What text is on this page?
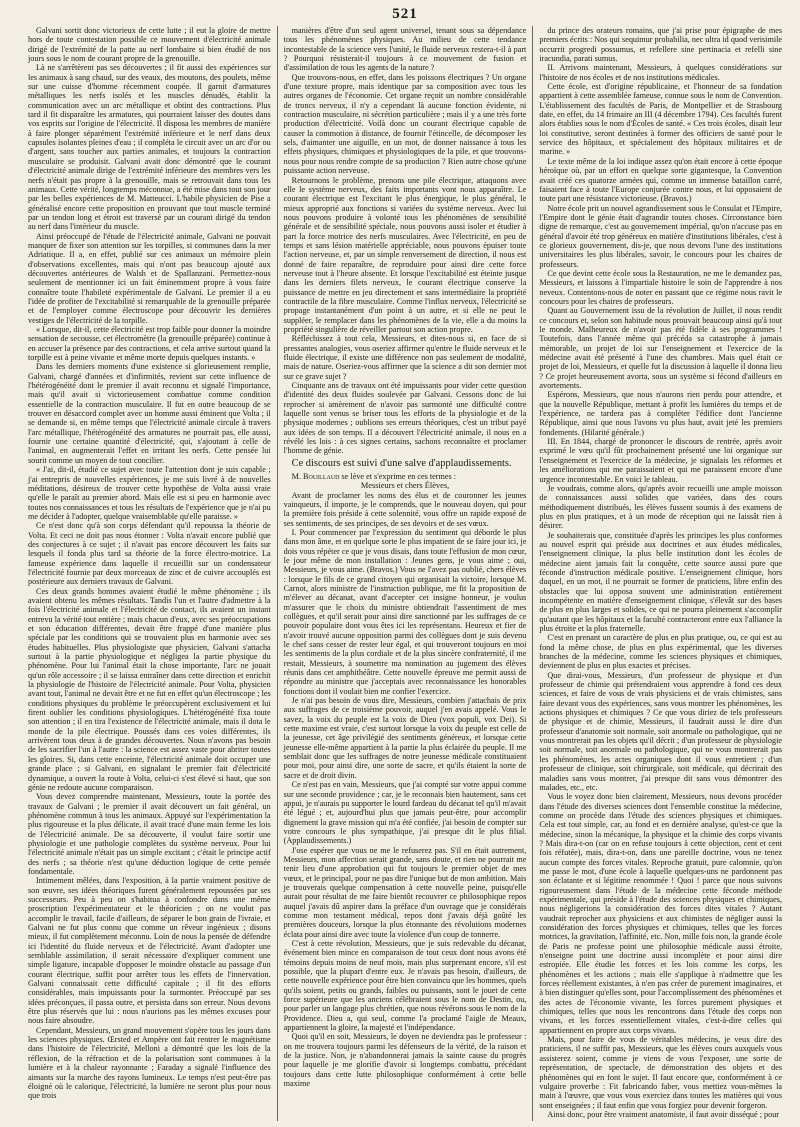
521

Galvani sortit donc victorieux de cette lutte ; il eut la gloire de mettre hors de toute contestation possible ce mouvement d'électricité animale dirigé de l'extrémité de la patte au nerf lombaire si bien étudié de nos jours sous le nom de courant propre de la grenouille.

Là ne s'arrêtèrent pas ses découvertes ; il fit aussi des expériences sur les animaux à sang chaud, sur des veaux, des moutons, des poulets, même sur une cuisse d'homme récemment coupée. Il garnit d'armatures métalliques les nerfs isolés et les muscles dénudés, établit la communication avec un arc métallique et obtint des contractions. Plus tard il fit disparaître les armatures, qui pourraient laisser des doutes dans vos esprits sur l'origine de l'électricité. Il disposa les membres de manière à faire plonger séparément l'extrémité inférieure et le nerf dans deux capsules isolantes pleines d'eau ; il compléta le circuit avec un arc d'or ou d'argent, sans toucher aux parties animales, et toujours la contraction musculaire se produisit. Galvani avait donc démontré que le courant d'électricité animale dirige de l'extrémité inférieure des membres vers les nerfs n'était pas propre à la grenouille, mais se retrouvait dans tous les animaux. Cette vérité, longtemps méconnue, a été mise dans tout son jour par les belles expériences de M. Matteucci. L'habile physicien de Pise a généralisé encore cette proposition en prouvant que tout muscle terminé par un tendon long et étroit est traversé par un courant dirigé du tendon au nerf dans l'intérieur du muscle.

Ainsi préoccupé de l'étude de l'électricité animale, Galvani ne pouvait manquer de fixer son attention sur les torpilles, si communes dans la mer Adriatique. Il a, en effet, publié sur ces animaux un mémoire plein d'observations excellentes, mais qui n'ont pas beaucoup ajouté aux découvertes antérieures de Walsh et de Spallanzani. Permettez-nous seulement de mentionner ici un fait éminemment propre à vous faire connaître toute l'habileté expérimentale de Galvani. Le premier il a eu l'idée de profiter de l'excitabilité si remarquable de la grenouille préparée et de l'employer comme électroscope pour découvrir les dernières vestiges de l'électricité de la torpille.

« Lorsque, dit-il, cette électricité est trop faible pour donner la moindre sensation de secousse, cet électromètre (la grenouille préparée) continue à en accuser la présence par des contractions, et cela arrive surtout quand la torpille est à peine vivante et même morte depuis quelques instants. »

Dans les derniers moments d'une existence si glorieusement remplie, Galvani, chargé d'années et d'infirmités, revient sur cette influence de l'hétérogénéité dont le premier il avait reconnu et signalé l'importance, mais qu'il avait si victorieusement combattue comme condition essentielle de la contraction musculaire. Il fut en outre beaucoup de se trouver en désaccord complet avec un homme aussi éminent que Volta ; il se demande si, en même temps que l'électricité animale circule à travers l'arc métallique, l'hétérogénéité des armatures ne pourrait pas, elle aussi, fournir une certaine quantité d'électricité, qui, s'ajoutant à celle de l'animal, en augmenterait l'effet en irritant les nerfs. Cette pensée lui sourit comme un moyen de tout concilier.

« J'ai, dit-il, étudié ce sujet avec toute l'attention dont je suis capable ; j'ai entrepris de nouvelles expériences, je me suis livré à de nouvelles méditations, désireux de trouver cette hypothèse de Volta aussi vraie qu'elle le paraît au premier abord. Mais elle est si peu en harmonie avec toutes nos connaissances et tous les résultats de l'expérience que je n'ai pu me décider à l'adopter, quelque vraisemblable qu'elle paraisse. »

Ce n'est donc qu'à son corps défendant qu'il repoussa la théorie de Volta. Et ceci ne doit pas nous étonner : Volta n'avait encore publié que des conjectures à ce sujet ; il n'avait pas encore découvert les faits sur lesquels il fonda plus tard sa théorie de la force électro-motrice. La fameuse expérience dans laquelle il recueillit sur un condensateur l'électricité fournie par deux morceaux de zinc et de cuivre accouplés est postérieure aux derniers travaux de Galvani.

Ces deux grands hommes avaient étudié le même phénomène ; ils avaient obtenu les mêmes résultats. Tandis l'un et l'autre d'admettre à la fois l'électricité animale et l'électricité de contact, ils avaient un instant entrevu la vérité tout entière ; mais chacun d'eux, avec ses préoccupations et son éducation différentes, devait être frappé d'une manière plus spéciale par les conditions qui se trouvaient plus en harmonie avec ses études habituelles. Plus physiologiste que physicien, Galvani s'attacha surtout à la partie physiologique et négligea la partie physique du phénomène. Pour lui l'animal était la chose importante, l'arc ne jouait qu'un rôle accessoire ; il se laissa entraîner dans cette direction et enrichit la physiologie de l'histoire de l'électricité animale. Pour Volta, physicien avant tout, l'animal ne devait être et ne fut en effet qu'un électroscope ; les conditions physiques du problème le préoccupèrent exclusivement et lui firent oublier les conditions physiologiques. L'hétérogénéité fixa toute son attention ; il en tira l'existence de l'électricité animale, mais il dota le monde de la pile électrique. Poussés dans ces voies différentes, ils arrivèrent tous deux à de grandes découvertes. Nous n'avons pas besoin de les sacrifier l'un à l'autre : la science est assez vaste pour abriter toutes les gloires. Si, dans cette enceinte, l'électricité animale doit occuper une grande place ; si Galvani, en signalant le premier fait d'électricité dynamique, a ouvert la route à Volta, celui-ci s'est élevé si haut, que son génie ne redoute aucune comparaison.

Vous devez comprendre maintenant, Messieurs, toute la portée des travaux de Galvani ; le premier il avait découvert un fait général, un phénomène commun à tous les animaux. Appuyé sur l'expérimentation la plus rigoureuse et la plus délicate, il avait tracé d'une main ferme les lois de l'électricité animale. De sa découverte, il voulut faire sortir une physiologie et une pathologie complètes du système nerveux. Pour lui l'électricité animale n'était pas un simple excitant ; c'était le principe actif des nerfs ; sa théorie n'est qu'une déduction logique de cette pensée fondamentale.

Intimement mêlées, dans l'exposition, à la partie vraiment positive de son œuvre, ses idées théoriques furent généralement repoussées par ses successeurs. Peu à peu on s'habitua à confondre dans une même proscription l'expérimentateur et le théoricien ; on ne voulut pas accomplir le travail, facile d'ailleurs, de séparer le bon grain de l'ivraie, et Galvani ne fut plus connu que comme un rêveur ingénieux ; disons mieux, il fut complètement méconnu. Loin de nous la pensée de défendre ici l'identité du fluide nerveux et de l'électricité. Avant d'adopter une semblable assimilation, il serait nécessaire d'expliquer comment une simple ligature, incapable d'opposer le moindre obstacle au passage d'un courant électrique, suffit pour arrêter tous les effets de l'innervation. Galvani connaissait cette difficulté capitale ; il fit des efforts considérables, mais impuissants pour la surmonter. Préoccupé par ses idées préconçues, il passa outre, et persista dans son erreur. Nous devons être plus réservés que lui : nous n'aurions pas les mêmes excuses pour nous faire absoudre.

Cependant, Messieurs, un grand mouvement s'opère tous les jours dans les sciences physiques. Œrsted et Ampère ont fait rentrer le magnétisme dans l'histoire de l'électricité, Melloni a démontré que les lois de la réflexion, de la réfraction et de la polarisation sont communes à la lumière et à la chaleur rayonnante ; Faraday a signalé l'influence des aimants sur la marche des rayons lumineux. Le temps n'est peut-être pas éloigné où le calorique, l'électricité, la lumière ne seront plus pour nous que trois

manières d'être d'un seul agent universel, tenant sous sa dépendance tous les phénomènes physiques. Au milieu de cette tendance incontestable de la science vers l'unité, le fluide nerveux restera-t-il à part ? Pourquoi résisterait-il toujours à ce mouvement de fusion et d'assimilation de tous les agents de la nature ?

Que trouvons-nous, en effet, dans les poissons électriques ? Un organe d'une texture propre, mais identique par sa composition avec tous les autres organes de l'économie. Cet organe reçoit un nombre considérable de troncs nerveux, il n'y a cependant là aucune fonction évidente, ni contraction musculaire, ni sécrétion particulière ; mais il y a une très forte production d'électricité. Voilà donc un courant électrique capable de causer la commotion à distance, de fournir l'étincelle, de décomposer les sels, d'aimanter une aiguille, en un mot, de donner naissance à tous les effets physiques, chimiques et physiologiques de la pile, et que trouvons-nous pour nous rendre compte de sa production ? Rien autre chose qu'une puissante action nerveuse.

Retournons le problème, prenons une pile électrique, attaquons avec elle le système nerveux, des faits importants vont nous apparaître. Le courant électrique est l'excitant le plus énergique, le plus général, le mieux approprié aux fonctions si variées du système nerveux. Avec lui nous pouvons produire à volonté tous les phénomènes de sensibilité générale et de sensibilité spéciale, nous pouvons aussi isoler et étudier à part la force motrice des nerfs musculaires. Avec l'électricité, en peu de temps et sans lésion matérielle appréciable, nous pouvons épuiser toute l'action nerveuse, et, par un simple renversement de direction, il nous est donné de faire reparaître, de reproduire pour ainsi dire cette force nerveuse tout à l'heure absente. Et lorsque l'excitabilité est éteinte jusque dans les derniers filets nerveux, le courant électrique conserve la puissance de mettre en jeu directement et sans intermédiaire la propriété contractile de la fibre musculaire. Comme l'influx nerveux, l'électricité se propage instantanément d'un point à un autre, et si elle ne peut le suppléer, le remplacer dans les phénomènes de la vie, elle a du moins la propriété singulière de réveiller partout son action propre.

Réfléchissez à tout cela, Messieurs, et dites-nous si, en face de si pressantes analogies, vous oseriez affirmer qu'entre le fluide nerveux et le fluide électrique, il existe une différence non pas seulement de modalité, mais de nature. Oseriez-vous affirmer que la science a dit son dernier mot sur ce grave sujet ?

Cinquante ans de travaux ont été impuissants pour vider cette question d'identité des deux fluides soulevée par Galvani. Cessons donc de lui reprocher si amèrement de n'avoir pas surmonté une difficulté contre laquelle sont venus se briser tous les efforts de la physiologie et de la physique modernes ; oublions ses erreurs théoriques, c'est un tribut payé aux idées de son temps. Il a découvert l'électricité animale, il nous en a révélé les lois : à ces signes certains, sachons reconnaître et proclamer l'homme de génie.

Ce discours est suivi d'une salve d'applaudissements.

M. Bouillaud se lève et s'exprime en ces termes :

Messieurs et chers Élèves,

Avant de proclamer les noms des élus et de couronner les jeunes vainqueurs, il importe, je le comprends, que le nouveau doyen, qui pour la première fois préside à cette solennité, vous offre un rapide exposé de ses sentiments, de ses principes, de ses devoirs et de ses vœux.

I. Pour commencer par l'expression du sentiment qui déborde le plus dans mon âme, et en quelque sorte le plus impatient de se faire jour ici, je dois vous répéter ce que je vous disais, dans toute l'effusion de mon cœur, le jour même de mon installation : Jeunes gens, je vous aime ; oui, Messieurs, je vous aime. (Bravos.) Vous ne l'avez pas oublié, chers élèves : lorsque le fils de ce grand citoyen qui organisait la victoire, lorsque M. Carnot, alors ministre de l'instruction publique, me fit la proposition de m'élever au décanat, avant d'accepter cet insigne honneur, je voulus m'assurer que le choix du ministre obtiendrait l'assentiment de mes collègues, et qu'il serait pour ainsi dire sanctionné par les suffrages de ce pouvoir populaire dont vous êtes ici les représentans. Heureux et fier de n'avoir trouvé aucune opposition parmi des collègues dont je suis devenu le chef sans cesser de rester leur égal, et qui trouveront toujours en moi les sentiments de la plus cordiale et de la plus sincère confraternité, il me restait, Messieurs, à soumettre ma nomination au jugement des élèves réunis dans cet amphithéâtre. Cette nouvelle épreuve me permit aussi de répondre au ministre que j'acceptais avec reconnaissance les honorables fonctions dont il voulait bien me confier l'exercice.

Je n'ai pas besoin de vous dire, Messieurs, combien j'attachais de prix aux suffrages de ce troisième pouvoir, auquel j'en avais appelé. Vous le savez, la voix du peuple est la voix de Dieu (vox populi, vox Dei). Si cette maxime est vraie, c'est surtout lorsque la voix du peuple est celle de la jeunesse, cet âge privilégié des sentiments généreux, et lorsque cette jeunesse elle-même appartient à la partie la plus éclairée du peuple. Il me semblait donc que les suffrages de notre jeunesse médicale constituaient pour moi, pour ainsi dire, une sorte de sacre, et qu'ils étaient la sorte de sacre et de droit divin.

Ce n'est pas en vain, Messieurs, que j'ai compté sur votre appui comme sur une seconde providence ; car, je le reconnais bien hautement, sans cet appui, je n'aurais pu supporter le lourd fardeau du décanat tel qu'il m'avait été légué ; et, aujourd'hui plus que jamais peut-être, pour accomplir dignement la grave mission qui m'a été confiée, j'ai besoin de compter sur votre concours le plus sympathique, j'ai presque dit le plus filial. (Applaudissements.)

J'ose espérer que vous ne me le refuserez pas. S'il en était autrement, Messieurs, mon affection serait grande, sans doute, et rien ne pourrait me tenir lieu d'une approbation qui fut toujours le premier objet de mes vœux, et le principal, pour ne pas dire l'unique but de mon ambition. Mais je trouverais quelque compensation à cette nouvelle peine, puisqu'elle aurait pour résultat de me faire bientôt recouvrer ce philosophique repos auquel j'avais dû aspirer dans la préface d'un ouvrage que je considérais comme mon testament médical, repos dont j'avais déjà goûté les premières douceurs, lorsque la plus étonnante des révolutions modernes éclata pour ainsi dire avec toute la violence d'un coup de tonnerre.

C'est à cette révolution, Messieurs, que je suis redevable du décanat, événement bien mince en comparaison de tout ceux dont nous avons été témoins depuis moins de neuf mois, mais plus surprenant encore, s'il est possible, que la plupart d'entre eux. Je n'avais pas besoin, d'ailleurs, de cette nouvelle expérience pour être bien convaincu que les hommes, quels qu'ils soient, petits ou grands, faibles ou puissants, sont le jouet de cette force supérieure que les anciens célébraient sous le nom de Destin, ou, pour parler un langage plus chrétien, que nous révérons sous le nom de la Providence. Dieu a, qui seul, comme l'a proclamé l'aigle de Meaux, appartiennent la gloire, la majesté et l'indépendance.

Quoi qu'il en soit, Messieurs, le doyen ne deviendra pas le professeur : on me trouvera toujours parmi les défenseurs de la vérité, de la raison et de la justice. Non, je n'abandonnerai jamais la sainte cause du progrès pour laquelle je me glorifie d'avoir si longtemps combattu, précédant toujours dans cette lutte philosophique conformément à cette belle maxime

du prince des orateurs romains, que j'ai prise pour épigraphe de mes premiers écrits : Nos qui sequimur probabilia, nec ultra id quod verisimile occurrit progredi possumus, et refellere sine pertinacia et refelli sine iracundia, parati sumus.

II. Arrivons maintenant, Messieurs, à quelques considérations sur l'histoire de nos écoles et de nos institutions médicales.

Cette école, est d'origine républicaine, et l'honneur de sa fondation appartient à cette assemblée fameuse, connue sous le nom de Convention. L'établissement des facultés de Paris, de Montpellier et de Strasbourg date, en effet, du 14 frimaire an III (4 décembre 1794). Ces facultés furent alors établies sous le nom d'Écoles de santé. « Ces trois écoles, disait leur loi constitutive, seront destinées à former des officiers de santé pour le service des hôpitaux, et spécialement des hôpitaux militaires et de marine. »

Le texte même de la loi indique assez qu'on était encore à cette époque héroïque où, par un effort en quelque sorte gigantesque, la Convention avait créé ces quatorze armées qui, comme un immense bataillon carré, faisaient face à toute l'Europe conjurée contre nous, et lui opposaient de toute part une résistance victorieuse. (Bravos.)

Notre école prit un nouvel agrandissement sous le Consulat et l'Empire, l'Empire dont le génie était d'agrandir toutes choses. Circonstance bien digne de remarque, c'est au gouvernement impérial, qu'on n'accuse pas en général d'avoir été trop généreux en matière d'institutions libérales, c'est à ce glorieux gouvernement, dis-je, que nous devons l'une des institutions universitaires les plus libérales, savoir, le concours pour les chaires de professeurs.

Ce que devint cette école sous la Restauration, ne me le demandez pas, Messieurs, et laissons à l'impartiale histoire le soin de l'apprendre à nos neveux. Contentons-nous de noter en passant que ce régime nous ravit le concours pour les chaires de professeurs.

Quant au Gouvernement issu de la révolution de Juillet, il nous rendit ce concours et, selon son habitude nous prouvait beaucoup ainsi qu'à tout le monde. Malheureux de n'avoir pas été fidèle à ses programmes ! Toutefois, dans l'année même qui précéda sa catastrophe à jamais mémorable, un projet de loi sur l'enseignement et l'exercice de la médecine avait été présenté à l'une des chambres. Mais quel était ce projet de loi, Messieurs, et quelle fut la discussion à laquelle il donna lieu ? Ce projet heureusement avorta, sous un système si fécond d'ailleurs en avortements.

Espérons, Messieurs, que nous n'aurons rien perdu pour attendre, et que la nouvelle République, mettant à profit les lumières du temps et de l'expérience, ne tardera pas à compléter l'édifice dont l'ancienne République, ainsi que nous l'avons vu plus haut, avait jeté les premiers fondements. (Hilarité générale.)

III. En 1844, chargé de prononcer le discours de rentrée, après avoir exprimé le vœu qu'il fût prochainement présenté une loi organique sur l'enseignement et l'exercice de la médecine, je signalais les réformes et les améliorations qui me paraissaient et qui me paraissent encore d'une urgence incontestable. En voici le tableau.

Je voudrais, comme alors, qu'après avoir recueilli une ample moisson de connaissances aussi solides que variées, dans des cours méthodiquement distribués, les élèves fussent soumis à des examens de plus en plus pratiques, et à un mode de réception qui ne laissât rien à désirer.

Je souhaiterais que, constituée d'après les principes les plus conformes au nouvel esprit qui préside aux doctrines et aux études médicales, l'enseignement clinique, la plus belle institution dont les écoles de médecine aient jamais fait la conquête, cette source aussi pure que féconde d'instruction médicale positive. L'enseignement clinique, hors duquel, en un mot, il ne pourrait se former de praticiens, libre enfin des obstacles que lui opposa souvent une administration entièrement incompétente en matière d'enseignement clinique, s'élevât sur des bases de plus en plus larges et solides, ce qui ne pourra pleinement s'accomplir qu'autant que les hôpitaux et la faculté contracteront entre eux l'alliance la plus étroite et la plus fraternelle.

C'est en prenant un caractère de plus en plus pratique, ou, ce qui est au fond la même chose, de plus en plus expérimental, que les diverses branches de la médecine, comme les sciences physiques et chimiques, deviennent de plus en plus exactes et précises.

Que dirai-vous, Messieurs, d'un professeur de physique et d'un professeur de chimie qui prétendraient vous apprendre à fond ces deux sciences, et faire de vous de vrais physiciens et de vrais chimistes, sans faire devant vous des expériences, sans vous montrer les phénomènes, les actions physiques et chimiques ? Ce que vous diriez de tels professeurs de physique et de chimie, Messieurs, il faudrait aussi le dire d'un professeur d'anatomie soit normale, soit anormale ou pathologique, qui ne vous montrerait pas les objets qu'il décrit ; d'un professeur de physiologie soit normale, soit anormale ou pathologique, qui ne vous montrerait pas les phénomènes, les actes organiques dont il vous entretient ; d'un professeur de clinique, soit chirurgicale, soit médicale, qui décrirait des maladies sans vous montrer, j'ai presque dit sans vous démontrer des malades, etc., etc.

Vous le voyez donc bien clairement, Messieurs, nous devons procéder dans l'étude des diverses sciences dont l'ensemble constitue la médecine, comme on procède dans l'étude des sciences physiques et chimiques. Cela est tout simple, car, au fond et en dernière analyse, qu'est-ce que la médecine, sinon la mécanique, la physique et la chimie des corps vivants ? Mais dira-t-on (car on en refuse toujours à cette objection, cent et cent fois réfutée), mais, dira-t-on, dans une pareille doctrine, vous ne tenez aucun compte des forces vitales. Reproche gratuit, pure calomnie, qu'on me passe le mot, d'une école à laquelle quelques-uns ne pardonnent pas son éclatante et si légitime renommée ! Quoi ! parce que nous suivons rigoureusement dans l'étude de la médecine cette féconde méthode expérimentale, qui préside à l'étude des sciences physiques et chimiques, nous négligerions la considération des forces dites vitales ? Autant vaudrait reprocher aux physiciens et aux chimistes de négliger aussi la considération des forces physiques et chimiques, telles que les forces motrices, la gravitation, l'affinité, etc. Non, mille fois non, la grande école de Paris ne professe point une philosophie médicale aussi étroite, n'enseigne point une doctrine aussi incomplète et pour ainsi dire estropiée. Elle étudie les forces et les lois comme les corps, les phénomènes et les actions ; mais elle s'applique à n'admettre que les forces réellement existantes, à n'en pas créer de purement imaginaires, et à bien distinguer qu'elles sont, pour l'accomplissement des phénomènes et des actes de l'économie vivante, les forces purement physiques et chimiques, telles que nous les rencontrons dans l'étude des corps non vivans, et les forces essentiellement vitales, c'est-à-dire celles qui appartiennent en propre aux corps vivans.

Mais, pour faire de vous de véritables médecins, je veux dire des praticiens, il ne suffit pas, Messieurs, que les élèves cours auxquels vous assisterez soient, comme je viens de vous l'exposer, une sorte de représentation, de spectacle, de démonstration des objets et des phénomènes qui en font le sujet. Il faut encore que, conformément à ce vulgaire proverbe : Fit fabricando faber, vous mettiez vous-mêmes la main à l'œuvre, que vous vous exerciez dans toutes les matières qui vous sont enseignées ; il faut enfin que vous forgiez pour devenir forgeron.

Ainsi donc, pour être vraiment anatomiste, il faut avoir disséqué ; pour
